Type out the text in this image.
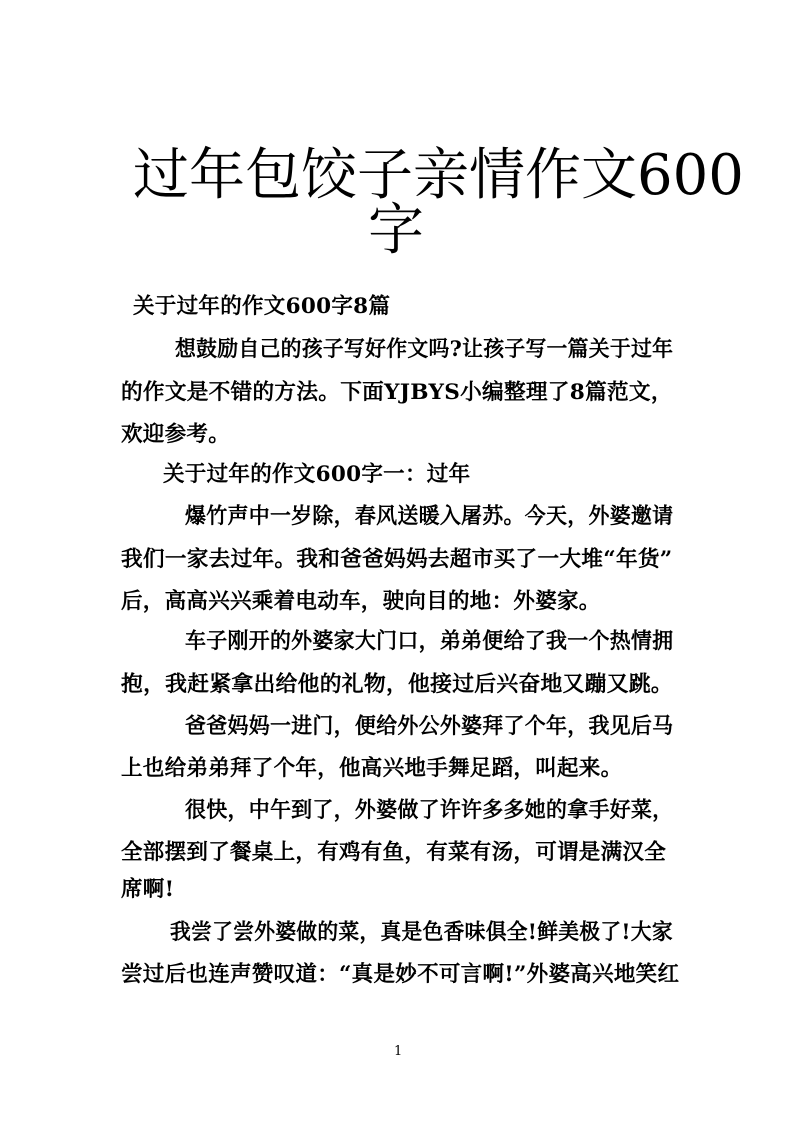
过年包饺子亲情作文600
字
关于过年的作文600字8篇
想鼓励自己的孩子写好作文吗?让孩子写一篇关于过年
的作文是不错的方法。下面YJBYS小编整理了8篇范文，
欢迎参考。
关于过年的作文600字一：过年
爆竹声中一岁除，春风送暖入屠苏。今天，外婆邀请
我们一家去过年。我和爸爸妈妈去超市买了一大堆“年货”
后，高高兴兴乘着电动车，驶向目的地：外婆家。
车子刚开的外婆家大门口，弟弟便给了我一个热情拥
抱，我赶紧拿出给他的礼物，他接过后兴奋地又蹦又跳。
爸爸妈妈一进门，便给外公外婆拜了个年，我见后马
上也给弟弟拜了个年，他高兴地手舞足蹈，叫起来。
很快，中午到了，外婆做了许许多多她的拿手好菜，
全部摆到了餐桌上，有鸡有鱼，有菜有汤，可谓是满汉全
席啊!
我尝了尝外婆做的菜，真是色香味俱全!鲜美极了!大家
尝过后也连声赞叹道：“真是妙不可言啊!”外婆高兴地笑红
1
